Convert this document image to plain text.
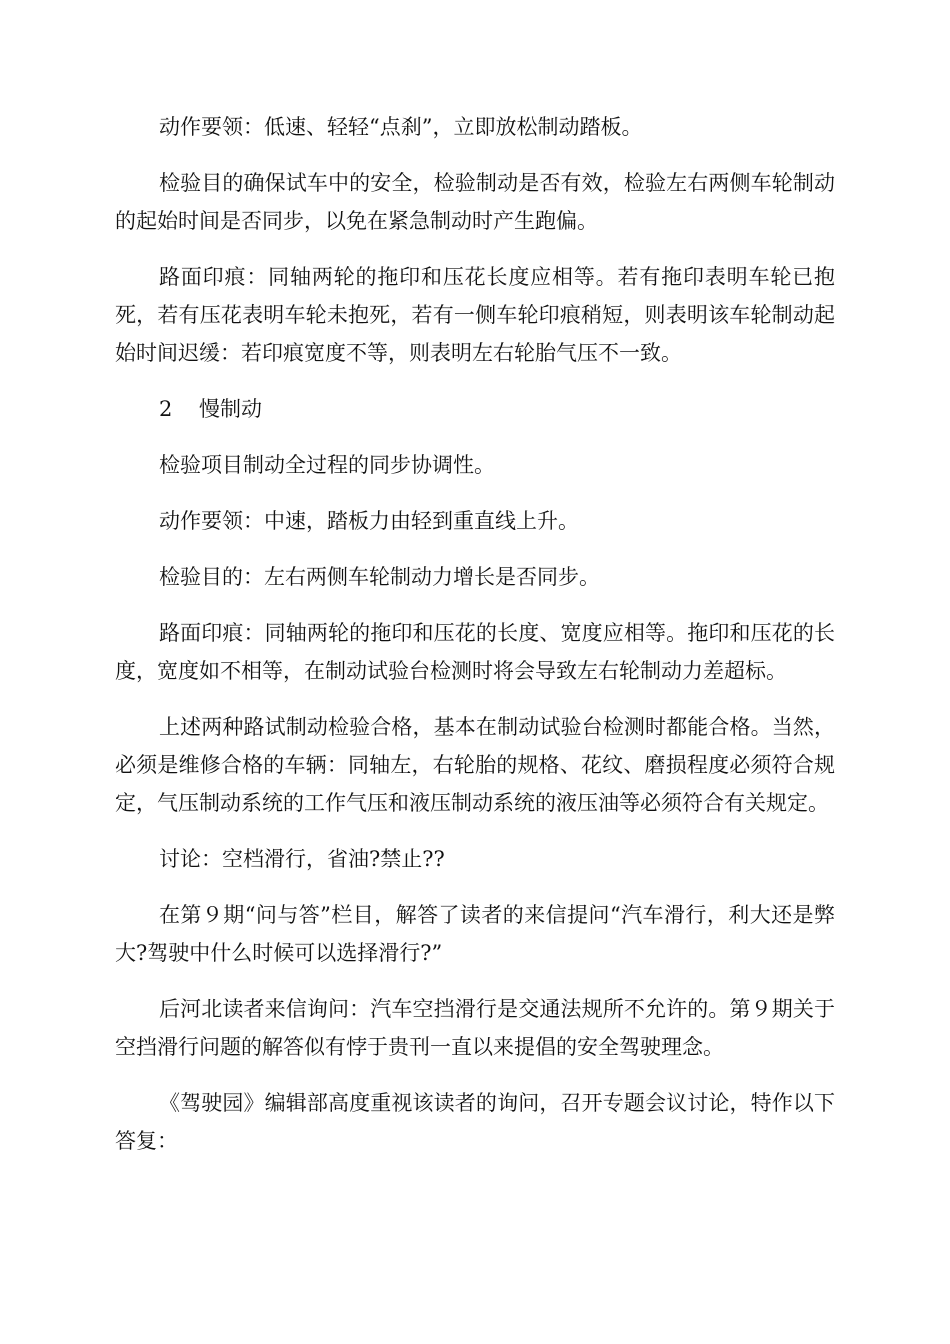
动作要领：低速、轻轻“点刹”，立即放松制动踏板。

检验目的确保试车中的安全，检验制动是否有效，检验左右两侧车轮制动的起始时间是否同步，以免在紧急制动时产生跑偏。

路面印痕：同轴两轮的拖印和压花长度应相等。若有拖印表明车轮已抱死，若有压花表明车轮未抱死，若有一侧车轮印痕稍短，则表明该车轮制动起始时间迟缓：若印痕宽度不等，则表明左右轮胎气压不一致。

2 慢制动

检验项目制动全过程的同步协调性。

动作要领：中速，踏板力由轻到重直线上升。

检验目的：左右两侧车轮制动力增长是否同步。

路面印痕：同轴两轮的拖印和压花的长度、宽度应相等。拖印和压花的长度，宽度如不相等，在制动试验台检测时将会导致左右轮制动力差超标。

上述两种路试制动检验合格，基本在制动试验台检测时都能合格。当然，必须是维修合格的车辆：同轴左，右轮胎的规格、花纹、磨损程度必须符合规定，气压制动系统的工作气压和液压制动系统的液压油等必须符合有关规定。

讨论：空档滑行，省油?禁止??

在第９期“问与答”栏目，解答了读者的来信提问“汽车滑行，利大还是弊大?驾驶中什么时候可以选择滑行?”

后河北读者来信询问：汽车空挡滑行是交通法规所不允许的。第９期关于空挡滑行问题的解答似有悖于贵刊一直以来提倡的安全驾驶理念。

《驾驶园》编辑部高度重视该读者的询问，召开专题会议讨论，特作以下答复：
